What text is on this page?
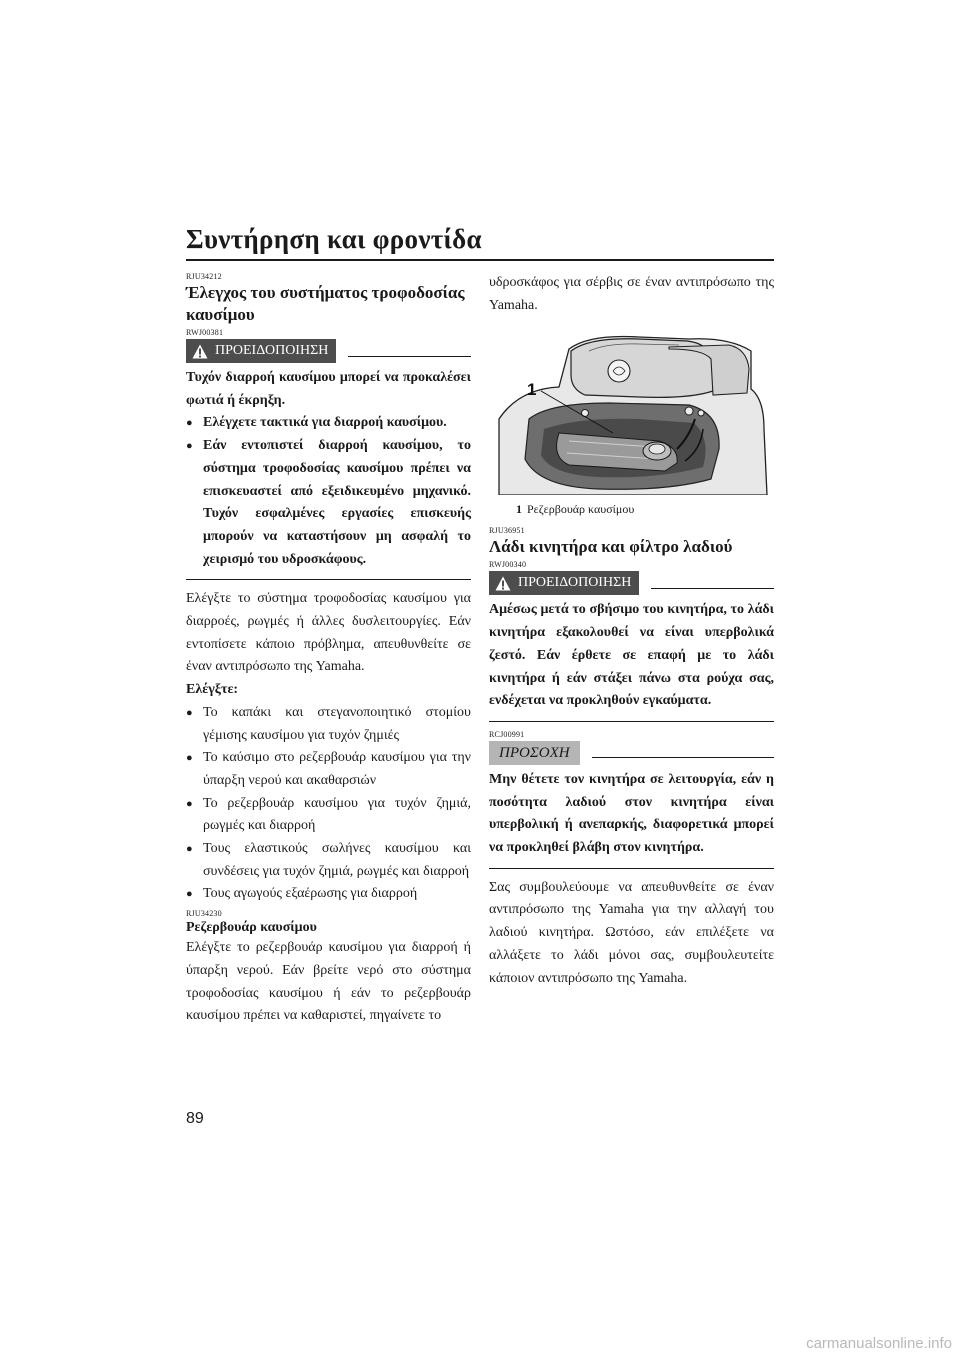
Συντήρηση και φροντίδα

RJU34212

Έλεγχος του συστήματος τροφοδοσίας καυσίμου

RWJ00381

ΠΡΟΕΙΔΟΠΟΙΗΣΗ

Τυχόν διαρροή καυσίμου μπορεί να προκαλέσει φωτιά ή έκρηξη.

● Ελέγχετε τακτικά για διαρροή καυσίμου.
● Εάν εντοπιστεί διαρροή καυσίμου, το σύστημα τροφοδοσίας καυσίμου πρέπει να επισκευαστεί από εξειδικευμένο μηχανικό. Τυχόν εσφαλμένες εργασίες επισκευής μπορούν να καταστήσουν μη ασφαλή το χειρισμό του υδροσκάφους.

Ελέγξτε το σύστημα τροφοδοσίας καυσίμου για διαρροές, ρωγμές ή άλλες δυσλειτουργίες. Εάν εντοπίσετε κάποιο πρόβλημα, απευθυνθείτε σε έναν αντιπρόσωπο της Yamaha.

Ελέγξτε:

● Το καπάκι και στεγανοποιητικό στομίου γέμισης καυσίμου για τυχόν ζημιές
● Το καύσιμο στο ρεζερβουάρ καυσίμου για την ύπαρξη νερού και ακαθαρσιών
● Το ρεζερβουάρ καυσίμου για τυχόν ζημιά, ρωγμές και διαρροή
● Τους ελαστικούς σωλήνες καυσίμου και συνδέσεις για τυχόν ζημιά, ρωγμές και διαρροή
● Τους αγωγούς εξαέρωσης για διαρροή

RJU34230

Ρεζερβουάρ καυσίμου

Ελέγξτε το ρεζερβουάρ καυσίμου για διαρροή ή ύπαρξη νερού. Εάν βρείτε νερό στο σύστημα τροφοδοσίας καυσίμου ή εάν το ρεζερβουάρ καυσίμου πρέπει να καθαριστεί, πηγαίνετε το

υδροσκάφος για σέρβις σε έναν αντιπρόσωπο της Yamaha.

1

1 Ρεζερβουάρ καυσίμου

RJU36951

Λάδι κινητήρα και φίλτρο λαδιού

RWJ00340

ΠΡΟΕΙΔΟΠΟΙΗΣΗ

Αμέσως μετά το σβήσιμο του κινητήρα, το λάδι κινητήρα εξακολουθεί να είναι υπερβολικά ζεστό. Εάν έρθετε σε επαφή με το λάδι κινητήρα ή εάν στάξει πάνω στα ρούχα σας, ενδέχεται να προκληθούν εγκαύματα.

RCJ00991

ΠΡΟΣΟΧΗ

Μην θέτετε τον κινητήρα σε λειτουργία, εάν η ποσότητα λαδιού στον κινητήρα είναι υπερβολική ή ανεπαρκής, διαφορετικά μπορεί να προκληθεί βλάβη στον κινητήρα.

Σας συμβουλεύουμε να απευθυνθείτε σε έναν αντιπρόσωπο της Yamaha για την αλλαγή του λαδιού κινητήρα. Ωστόσο, εάν επιλέξετε να αλλάξετε το λάδι μόνοι σας, συμβουλευτείτε κάποιον αντιπρόσωπο της Yamaha.

89
carmanualsonline.info
